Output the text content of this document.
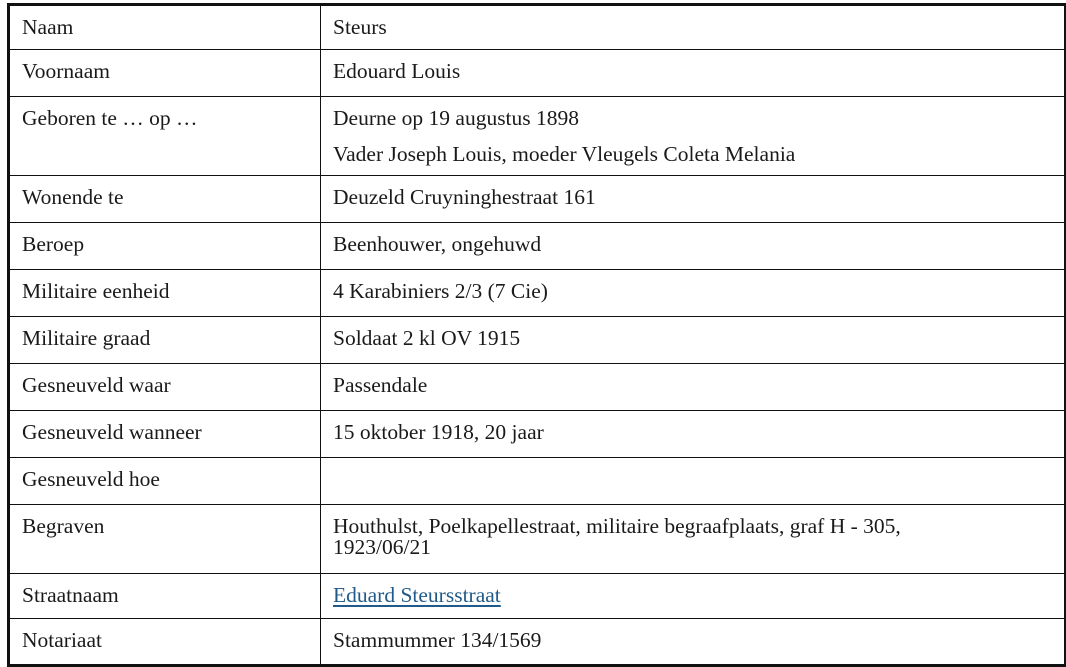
Naam	Steurs
Voornaam	Edouard Louis
Geboren te … op …	Deurne op 19 augustus 1898
Vader Joseph Louis, moeder Vleugels Coleta Melania

Wonende te	Deuzeld Cruyninghestraat 161
Beroep	Beenhouwer, ongehuwd
Militaire eenheid	4 Karabiniers 2/3 (7 Cie)
Militaire graad	Soldaat 2 kl OV 1915
Gesneuveld waar	Passendale
Gesneuveld wanneer	15 oktober 1918, 20 jaar
Gesneuveld hoe	
Begraven	Houthulst, Poelkapellestraat, militaire begraafplaats, graf H - 305,
1923/06/21

Straatnaam	Eduard Steursstraat
Notariaat	Stammummer 134/1569
